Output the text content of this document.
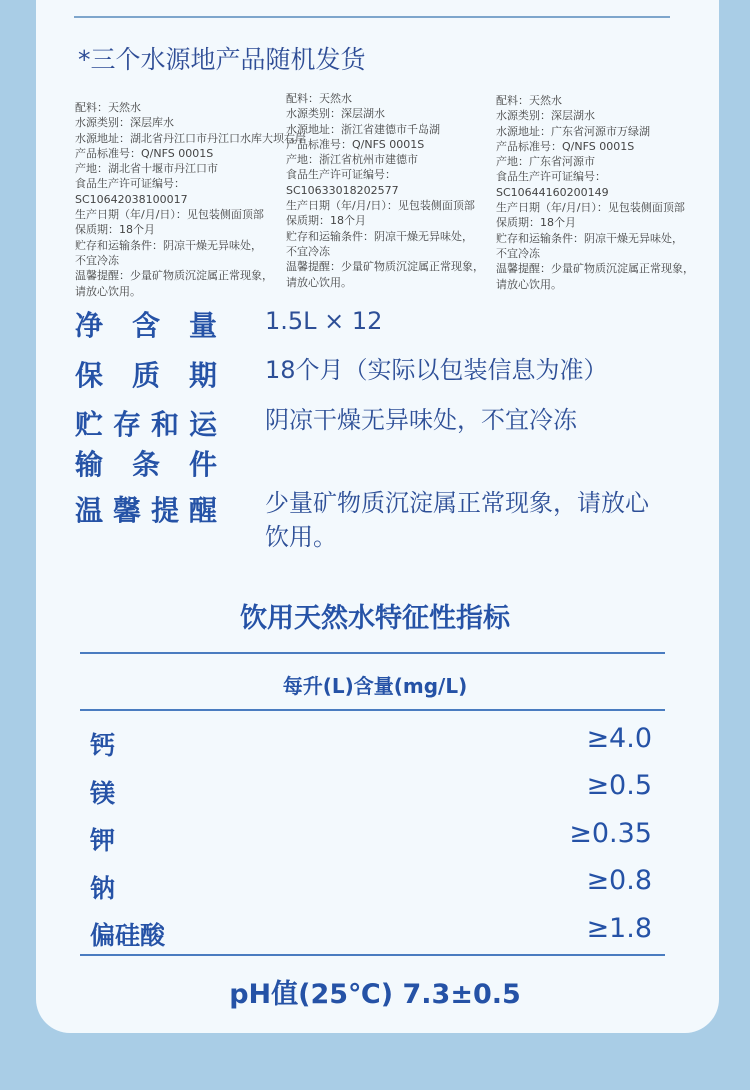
*三个水源地产品随机发货
配料：天然水
水源类别：深层库水
水源地址：湖北省丹江口市丹江口水库大坝右岸
产品标准号：Q/NFS 0001S
产地：湖北省十堰市丹江口市
食品生产许可证编号：
SC10642038100017
生产日期（年/月/日）：见包装侧面顶部
保质期：18个月
贮存和运输条件：阴凉干燥无异味处，
不宜冷冻
温馨提醒：少量矿物质沉淀属正常现象，
请放心饮用。
配料：天然水
水源类别：深层湖水
水源地址：浙江省建德市千岛湖
产品标准号：Q/NFS 0001S
产地：浙江省杭州市建德市
食品生产许可证编号：
SC10633018202577
生产日期（年/月/日）：见包装侧面顶部
保质期：18个月
贮存和运输条件：阴凉干燥无异味处，
不宜冷冻
温馨提醒：少量矿物质沉淀属正常现象，
请放心饮用。
配料：天然水
水源类别：深层湖水
水源地址：广东省河源市万绿湖
产品标准号：Q/NFS 0001S
产地：广东省河源市
食品生产许可证编号：
SC10644160200149
生产日期（年/月/日）：见包装侧面顶部
保质期：18个月
贮存和运输条件：阴凉干燥无异味处，
不宜冷冻
温馨提醒：少量矿物质沉淀属正常现象，
请放心饮用。
净 含 量 1.5L × 12
保 质 期 18个月（实际以包装信息为准）
贮 存 和 运
输 条 件
阴凉干燥无异味处，不宜冷冻
温 馨 提 醒 少量矿物质沉淀属正常现象，请放心
饮用。
饮用天然水特征性指标
每升(L)含量(mg/L)
钙	≥4.0
镁	≥0.5
钾	≥0.35
钠	≥0.8
偏硅酸	≥1.8
pH值(25℃) 7.3±0.5
